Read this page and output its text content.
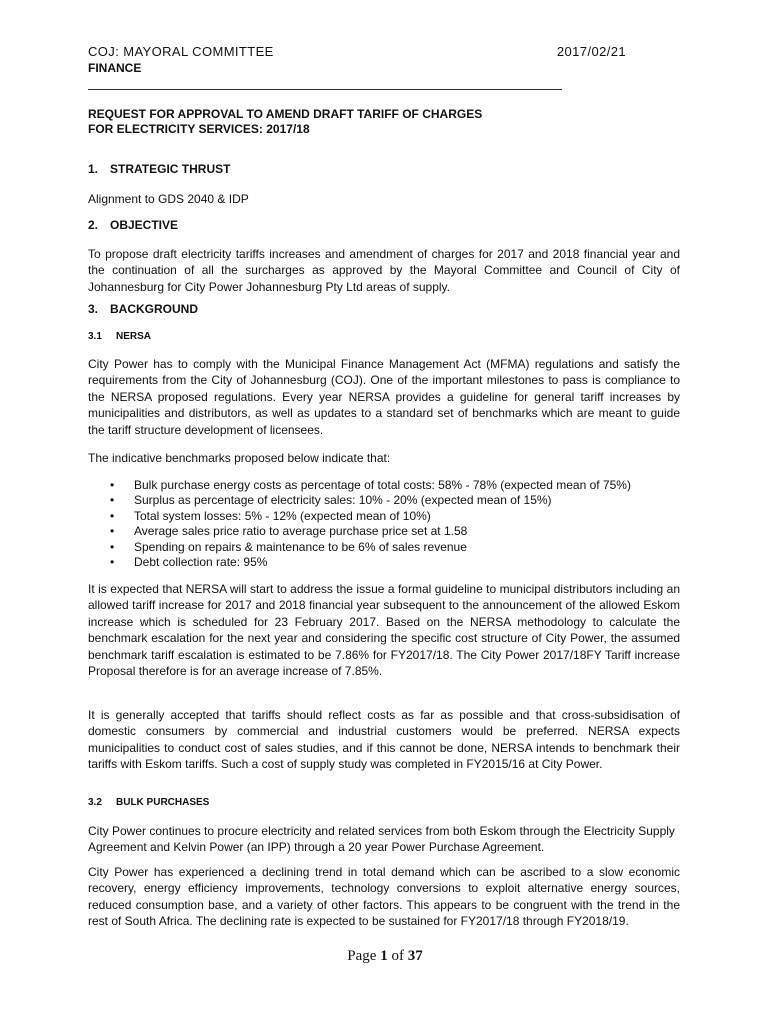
COJ: MAYORAL COMMITTEE	2017/02/21
FINANCE
REQUEST FOR APPROVAL TO AMEND DRAFT TARIFF OF CHARGES
FOR ELECTRICITY SERVICES: 2017/18
1. STRATEGIC THRUST
Alignment to GDS 2040 & IDP
2. OBJECTIVE
To propose draft electricity tariffs increases and amendment of charges for 2017 and 2018 financial year and the continuation of all the surcharges as approved by the Mayoral Committee and Council of City of Johannesburg for City Power Johannesburg Pty Ltd areas of supply.
3. BACKGROUND
3.1 NERSA
City Power has to comply with the Municipal Finance Management Act (MFMA) regulations and satisfy the requirements from the City of Johannesburg (COJ). One of the important milestones to pass is compliance to the NERSA proposed regulations. Every year NERSA provides a guideline for general tariff increases by municipalities and distributors, as well as updates to a standard set of benchmarks which are meant to guide the tariff structure development of licensees.
The indicative benchmarks proposed below indicate that:
• Bulk purchase energy costs as percentage of total costs: 58% - 78% (expected mean of 75%)
• Surplus as percentage of electricity sales: 10% - 20% (expected mean of 15%)
• Total system losses: 5% - 12% (expected mean of 10%)
• Average sales price ratio to average purchase price set at 1.58
• Spending on repairs & maintenance to be 6% of sales revenue
• Debt collection rate: 95%
It is expected that NERSA will start to address the issue a formal guideline to municipal distributors including an allowed tariff increase for 2017 and 2018 financial year subsequent to the announcement of the allowed Eskom increase which is scheduled for 23 February 2017. Based on the NERSA methodology to calculate the benchmark escalation for the next year and considering the specific cost structure of City Power, the assumed benchmark tariff escalation is estimated to be 7.86% for FY2017/18. The City Power 2017/18FY Tariff increase Proposal therefore is for an average increase of 7.85%.
It is generally accepted that tariffs should reflect costs as far as possible and that cross-subsidisation of domestic consumers by commercial and industrial customers would be preferred. NERSA expects municipalities to conduct cost of sales studies, and if this cannot be done, NERSA intends to benchmark their tariffs with Eskom tariffs. Such a cost of supply study was completed in FY2015/16 at City Power.
3.2 BULK PURCHASES
City Power continues to procure electricity and related services from both Eskom through the Electricity Supply Agreement and Kelvin Power (an IPP) through a 20 year Power Purchase Agreement.
City Power has experienced a declining trend in total demand which can be ascribed to a slow economic recovery, energy efficiency improvements, technology conversions to exploit alternative energy sources, reduced consumption base, and a variety of other factors. This appears to be congruent with the trend in the rest of South Africa. The declining rate is expected to be sustained for FY2017/18 through FY2018/19.
Page 1 of 37
